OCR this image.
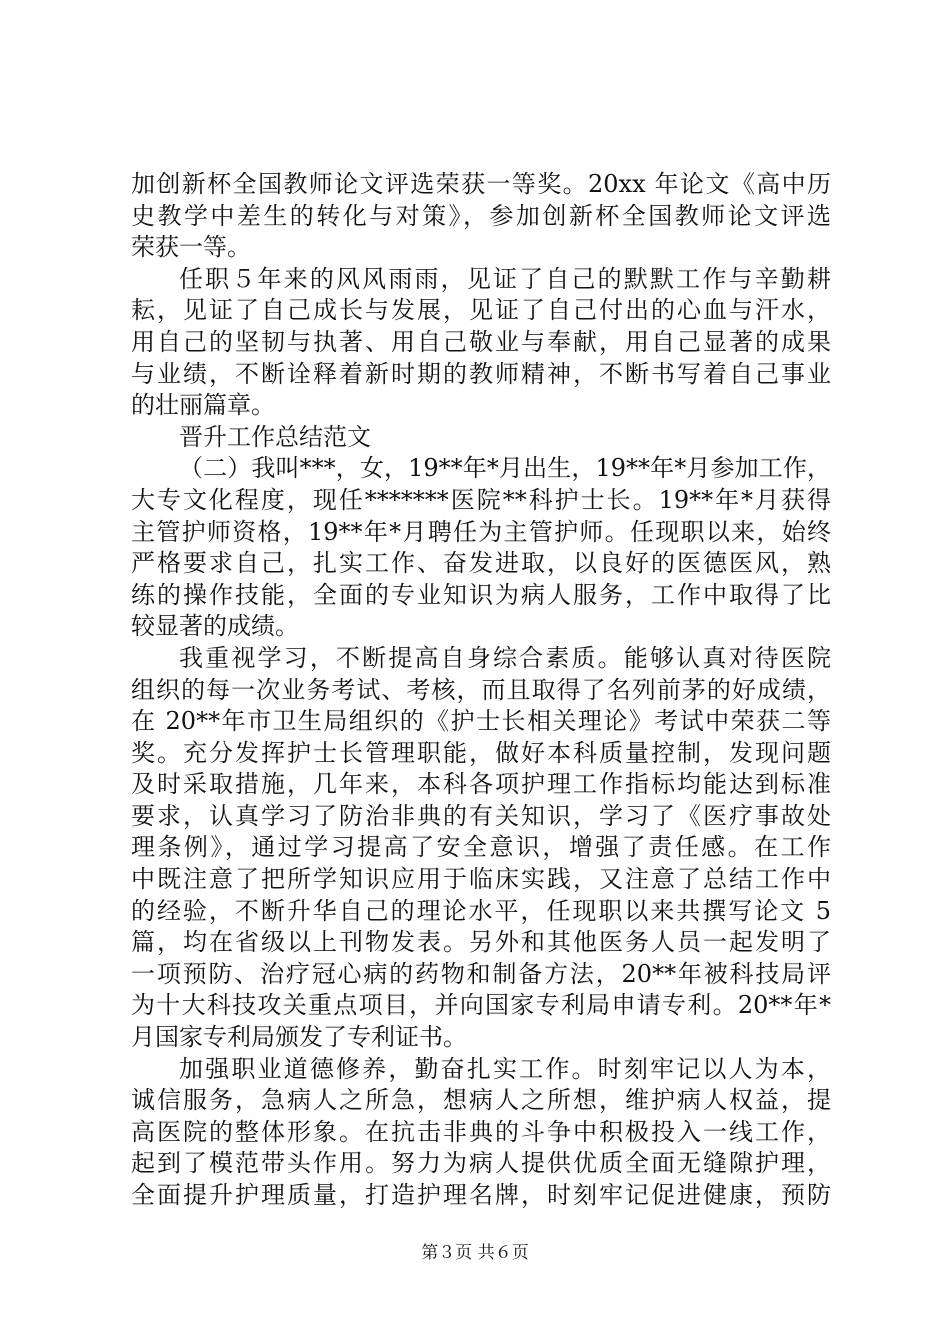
加创新杯全国教师论文评选荣获一等奖。20xx 年论文《高中历
史教学中差生的转化与对策》，参加创新杯全国教师论文评选
荣获一等。
任职５年来的风风雨雨，见证了自己的默默工作与辛勤耕
耘，见证了自己成长与发展，见证了自己付出的心血与汗水，
用自己的坚韧与执著、用自己敬业与奉献，用自己显著的成果
与业绩，不断诠释着新时期的教师精神，不断书写着自己事业
的壮丽篇章。
晋升工作总结范文
（二）我叫***，女，19**年*月出生，19**年*月参加工作，
大专文化程度，现任*******医院**科护士长。19**年*月获得
主管护师资格，19**年*月聘任为主管护师。任现职以来，始终
严格要求自己，扎实工作、奋发进取，以良好的医德医风，熟
练的操作技能，全面的专业知识为病人服务，工作中取得了比
较显著的成绩。
我重视学习，不断提高自身综合素质。能够认真对待医院
组织的每一次业务考试、考核，而且取得了名列前茅的好成绩，
在 20**年市卫生局组织的《护士长相关理论》考试中荣获二等
奖。充分发挥护士长管理职能，做好本科质量控制，发现问题
及时采取措施，几年来，本科各项护理工作指标均能达到标准
要求，认真学习了防治非典的有关知识，学习了《医疗事故处
理条例》，通过学习提高了安全意识，增强了责任感。在工作
中既注意了把所学知识应用于临床实践，又注意了总结工作中
的经验，不断升华自己的理论水平，任现职以来共撰写论文 5
篇，均在省级以上刊物发表。另外和其他医务人员一起发明了
一项预防、治疗冠心病的药物和制备方法，20**年被科技局评
为十大科技攻关重点项目，并向国家专利局申请专利。20**年*
月国家专利局颁发了专利证书。
加强职业道德修养，勤奋扎实工作。时刻牢记以人为本，
诚信服务，急病人之所急，想病人之所想，维护病人权益，提
高医院的整体形象。在抗击非典的斗争中积极投入一线工作，
起到了模范带头作用。努力为病人提供优质全面无缝隙护理，
全面提升护理质量，打造护理名牌，时刻牢记促进健康，预防
第３页 共６页
